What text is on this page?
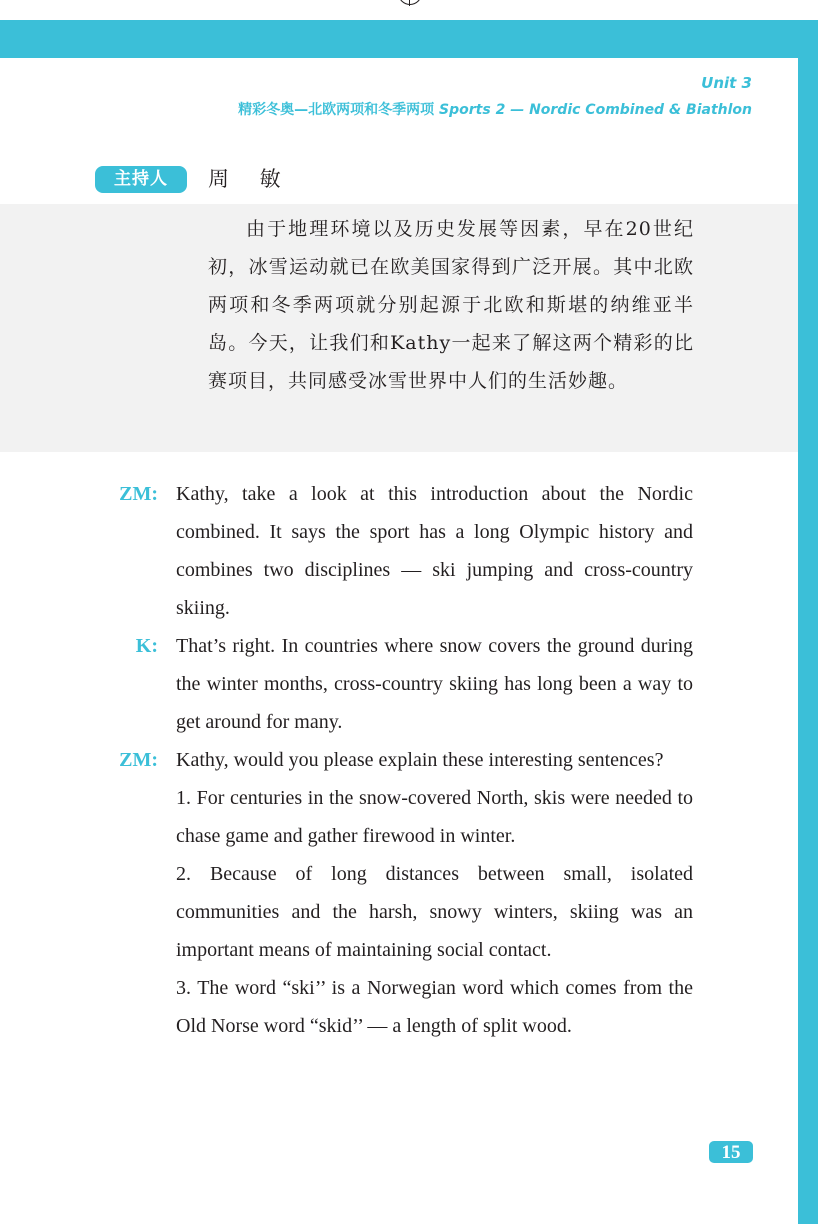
Unit 3
精彩冬奥—北欧两项和冬季两项 Sports 2 — Nordic Combined & Biathlon
主持人	周 敏

由于地理环境以及历史发展等因素，早在20世纪初，冰雪运动就已在欧美国家得到广泛开展。其中北欧两项和冬季两项就分别起源于北欧和斯堪的纳维亚半岛。今天，让我们和Kathy一起来了解这两个精彩的比赛项目，共同感受冰雪世界中人们的生活妙趣。

ZM: Kathy, take a look at this introduction about the Nordic combined. It says the sport has a long Olympic history and combines two disciplines — ski jumping and cross-country skiing.

K: That’s right. In countries where snow covers the ground during the winter months, cross-country skiing has long been a way to get around for many.

ZM: Kathy, would you please explain these interesting sentences?

1. For centuries in the snow-covered North, skis were needed to chase game and gather firewood in winter.

2. Because of long distances between small, isolated communities and the harsh, snowy winters, skiing was an important means of maintaining social contact.

3. The word “ski’’ is a Norwegian word which comes from the Old Norse word “skid’’ — a length of split wood.

15
